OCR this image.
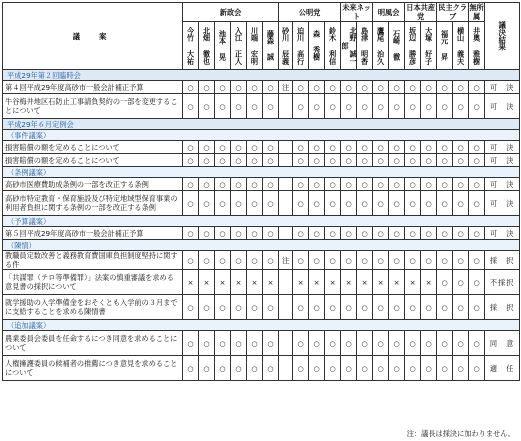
議　案	新政会						公明党				未来ネット		明風会		日本共産党		民主クラブ		無所属	議決結果

	今竹 大祐	北畑 徹也	池本 晃	入江 正人	川端 宏明	藤森 誠	砂川 辰義	迫川 高行	森 秀樹	鈴木 利信	北野 誠一郎	島津 明香	鷹尾 治久	石崎 徹	坂辺 勝彦	大塚 好子	福元 昇	横山 義夫	井奥 雅樹	

平成29年第２回臨時会																				
第４回平成29年度高砂市一般会計補正予算	○	○	○	○	○	○	注	○	○	○	○	○	○	○	○	○	○	○	○	可　決
牛谷梅井地区石防止工事請負契約の一部を変更することについて	○	○	○	○	○	○		○	○	○	○	○	○	○	○	○	○	○	○	可　決
平成29年６月定例会																				
（事件議案）																				
損害賠償の額を定めることについて	○	○	○	○	○	○		○	○	○	○	○	○	○	○	○	○	○	○	可　決
損害賠償の額を定めることについて	○	○	○	○	○	○		○	○	○	○	○	○	○	○	○	○	○	○	可　決
（条例議案）																				
高砂市医療費助成条例の一部を改正する条例	○	○	○	○	○	○		○	○	○	○	○	○	○	○	○	○	○	○	可　決
高砂市特定教育・保育施設及び特定地域型保育事業の利用者負担に関する条例の一部を改正する条例	○	○	○	○	○	○		○	○	○	○	○	○	○	○	○	○	○	○	可　決
（予算議案）																				
第５回平成29年度高砂市一般会計補正予算	○	○	○	○	○	○		○	○	○	○	○	○	○	○	○	○	○	○	可　決
（陳情）																				
教職員定数改善と義務教育費国庫負担制度堅持に関する件	○	○	○	○	○	○	注	○	○	○	○	○	○	○	○	○	○	○	○	採　択
「共謀罪（テロ等準備罪）」法案の慎重審議を求める意見書の採択について	×	×	×	×	×	×		×	×	×	×	×	×	×	×	×	○	○	○	不採択
就学援助の入学準備金をおそくとも入学前の３月までに支給することを求める陳情書	○	○	○	○	○	○		○	○	○	○	○	○	○	○	○	○	○	○	採　択
（追加議案）																				
農業委員会委員を任命するにつき同意を求めることについて	○	○	○	○	○	○		○	○	○	○	○	○	○	○	○	○	○	○	同　意
人権擁護委員の候補者の推薦につき意見を求めることについて	○	○	○	○	○	○		○	○	○	○	○	○	○	○	○	○	○	○	適　任
注：議長は採決に加わりません。
